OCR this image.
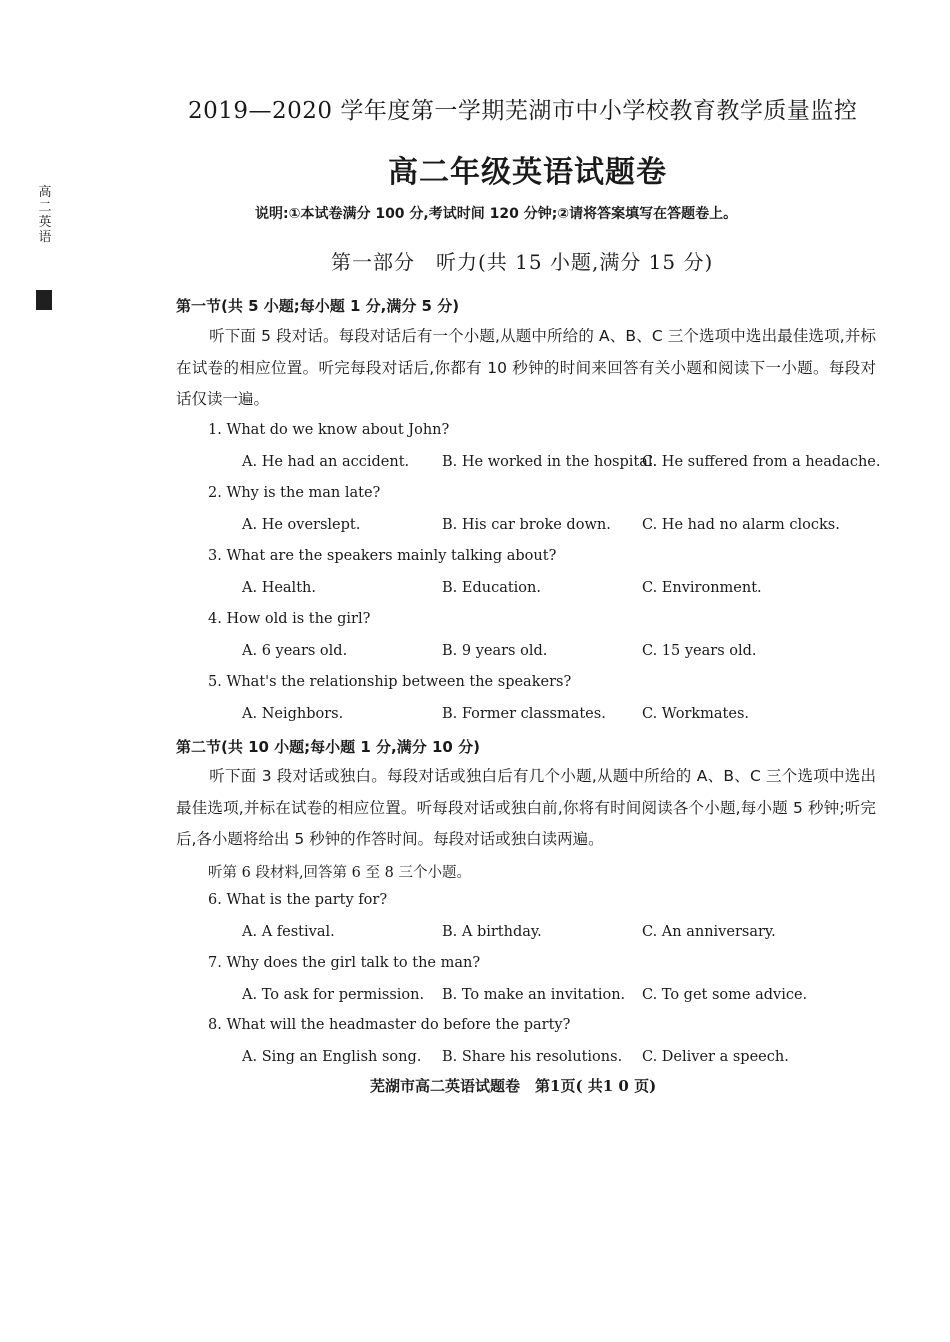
高
二
英
语
2019—2020 学年度第一学期芜湖市中小学校教育教学质量监控
高二年级英语试题卷
说明:①本试卷满分 100 分,考试时间 120 分钟;②请将答案填写在答题卷上。
第一部分　听力(共 15 小题,满分 15 分)
第一节(共 5 小题;每小题 1 分,满分 5 分)
听下面 5 段对话。每段对话后有一个小题,从题中所给的 A、B、C 三个选项中选出最佳选项,并标在试卷的相应位置。听完每段对话后,你都有 10 秒钟的时间来回答有关小题和阅读下一小题。每段对话仅读一遍。
1. What do we know about John?
A. He had an accident. B. He worked in the hospital.
C. He suffered from a headache.
2. Why is the man late?
A. He overslept.	B. His car broke down. C. He had no alarm clocks.
3. What are the speakers mainly talking about?
A. Health.	B. Education.	C. Environment.
4. How old is the girl?
A. 6 years old.	B. 9 years old.	C. 15 years old.
5. What's the relationship between the speakers?
A. Neighbors.	B. Former classmates. C. Workmates.
第二节(共 10 小题;每小题 1 分,满分 10 分)
听下面 3 段对话或独白。每段对话或独白后有几个小题,从题中所给的 A、B、C 三个选项中选出最佳选项,并标在试卷的相应位置。听每段对话或独白前,你将有时间阅读各个小题,每小题 5 秒钟;听完后,各小题将给出 5 秒钟的作答时间。每段对话或独白读两遍。
听第 6 段材料,回答第 6 至 8 三个小题。
6. What is the party for?
A. A festival.	B. A birthday.	C. An anniversary.
7. Why does the girl talk to the man?
A. To ask for permission. B. To make an invitation. C. To get some advice.
8. What will the headmaster do before the party?
A. Sing an English song. B. Share his resolutions. C. Deliver a speech.
芜湖市高二英语试题卷　第1页( 共1 0 页)
